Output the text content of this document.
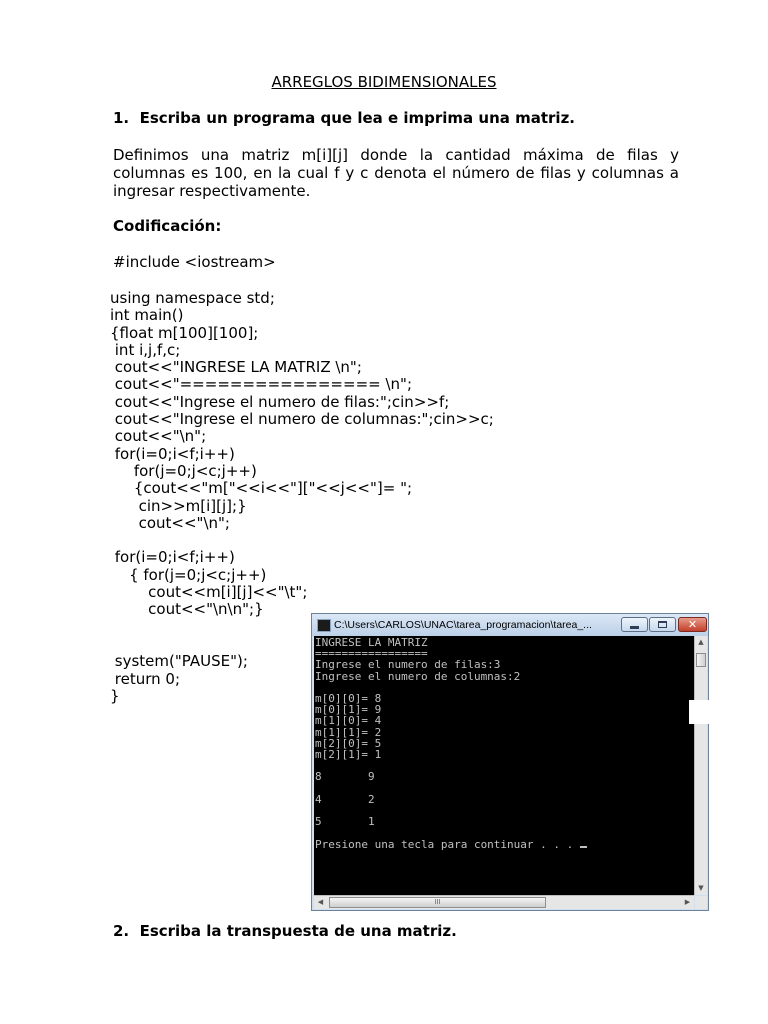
ARREGLOS BIDIMENSIONALES
1.  Escriba un programa que lea e imprima una matriz.
Definimos una matriz m[i][j] donde la cantidad máxima de filas y columnas es 100, en la cual f y c denota el número de filas y columnas a ingresar respectivamente.
Codificación:
#include <iostream>
using namespace std;
int main()
{float m[100][100];
int i,j,f,c;
cout<<"INGRESE LA MATRIZ \n";
cout<<"================ \n";
cout<<"Ingrese el numero de filas:";cin>>f;
cout<<"Ingrese el numero de columnas:";cin>>c;
cout<<"\n";
for(i=0;i<f;i++)
for(j=0;j<c;j++)
{cout<<"m["<<i<<"]["<<j<<"]= ";
cin>>m[i][j];}
cout<<"\n";

for(i=0;i<f;i++)
{ for(j=0;j<c;j++)
cout<<m[i][j]<<"\t";
cout<<"\n\n";}

system("PAUSE");
return 0;
}
C:\Users\CARLOS\UNAC\tarea_programacion\tarea_...	✕
INGRESE LA MATRIZ
=================
Ingrese el numero de filas:3
Ingrese el numero de columnas:2

m[0][0]= 8
m[0][1]= 9
m[1][0]= 4
m[1][1]= 2
m[2][0]= 5
m[2][1]= 1

8       9

4       2

5       1

Presione una tecla para continuar . . .
▲
▼
◀	III	▶
2.  Escriba la transpuesta de una matriz.
